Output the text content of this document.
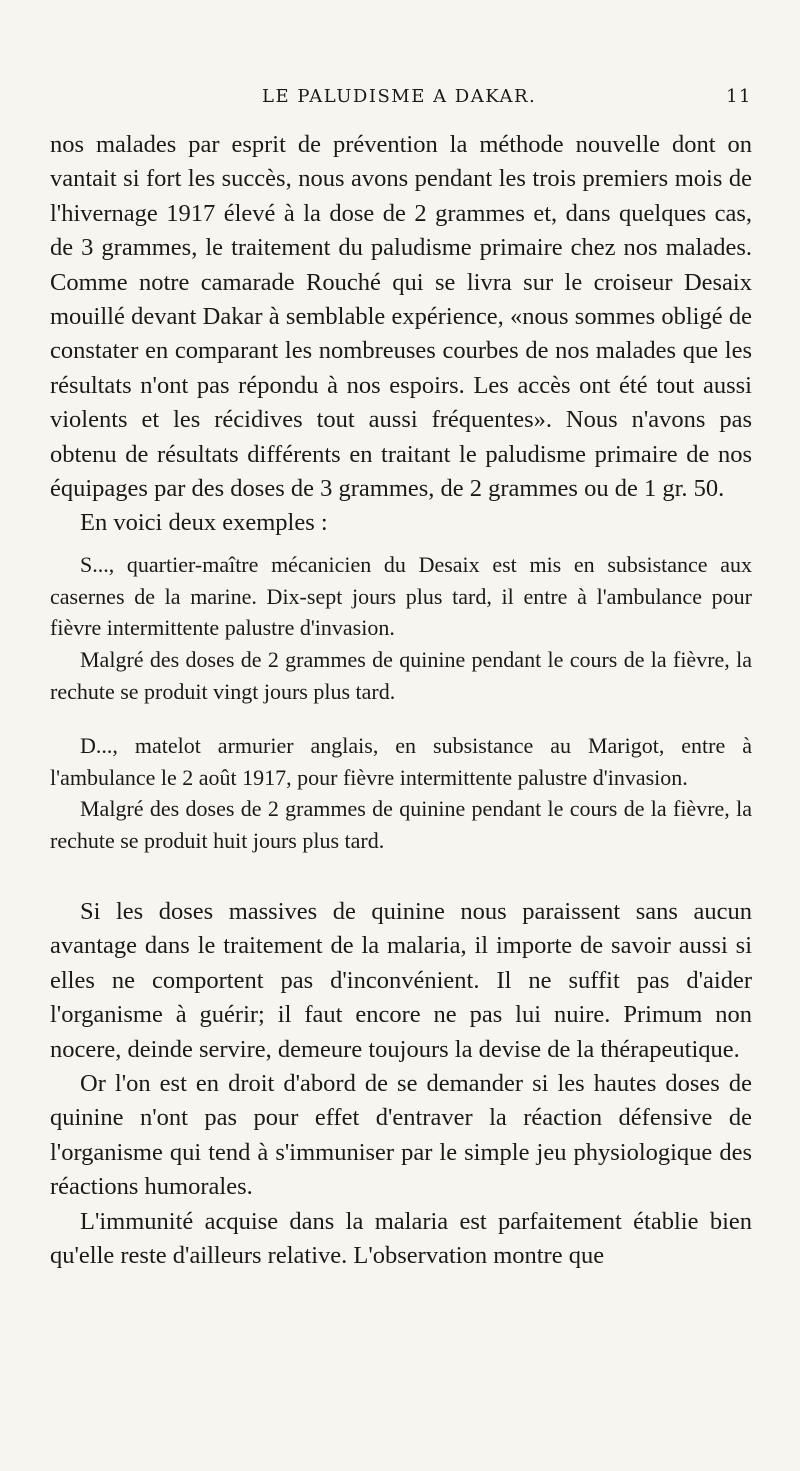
LE PALUDISME A DAKAR.	11

nos malades par esprit de prévention la méthode nouvelle dont on vantait si fort les succès, nous avons pendant les trois premiers mois de l'hivernage 1917 élevé à la dose de 2 grammes et, dans quelques cas, de 3 grammes, le traitement du paludisme primaire chez nos malades. Comme notre camarade Rouché qui se livra sur le croiseur Desaix mouillé devant Dakar à semblable expérience, «nous sommes obligé de constater en comparant les nombreuses courbes de nos malades que les résultats n'ont pas répondu à nos espoirs. Les accès ont été tout aussi violents et les récidives tout aussi fréquentes». Nous n'avons pas obtenu de résultats différents en traitant le paludisme primaire de nos équipages par des doses de 3 grammes, de 2 grammes ou de 1 gr. 50.

En voici deux exemples :

S..., quartier-maître mécanicien du Desaix est mis en subsistance aux casernes de la marine. Dix-sept jours plus tard, il entre à l'ambulance pour fièvre intermittente palustre d'invasion.

Malgré des doses de 2 grammes de quinine pendant le cours de la fièvre, la rechute se produit vingt jours plus tard.

D..., matelot armurier anglais, en subsistance au Marigot, entre à l'ambulance le 2 août 1917, pour fièvre intermittente palustre d'invasion.

Malgré des doses de 2 grammes de quinine pendant le cours de la fièvre, la rechute se produit huit jours plus tard.

Si les doses massives de quinine nous paraissent sans aucun avantage dans le traitement de la malaria, il importe de savoir aussi si elles ne comportent pas d'inconvénient. Il ne suffit pas d'aider l'organisme à guérir; il faut encore ne pas lui nuire. Primum non nocere, deinde servire, demeure toujours la devise de la thérapeutique.

Or l'on est en droit d'abord de se demander si les hautes doses de quinine n'ont pas pour effet d'entraver la réaction défensive de l'organisme qui tend à s'immuniser par le simple jeu physiologique des réactions humorales.

L'immunité acquise dans la malaria est parfaitement établie bien qu'elle reste d'ailleurs relative. L'observation montre que
